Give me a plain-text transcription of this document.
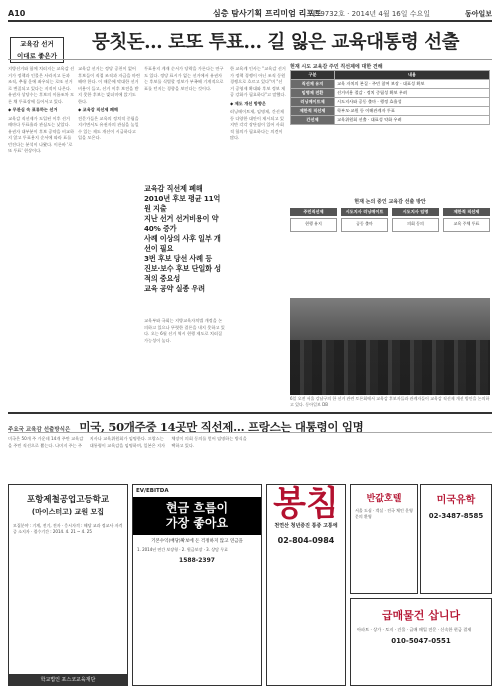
A10	심층 탐사기획 프리미엄 리포트
제19732호 · 2014년 4월 16일 수요일	동아일보
교육감 선거
이대로 좋은가
뭉칫돈… 로또 투표… 길 잃은 교육대통령 선출
지방선거와 함께 치러지는 교육감 선거가 정책과 인물은 사라지고 돈과 조직, 추첨 운에 좌우되는 로또 선거로 변질되고 있다는 지적이 나온다. 유권자 상당수는 후보의 이름조차 모른 채 투표장에 들어서고 있다.
◆ 무관심 속 표류하는 선거
교육감 직선제가 도입된 이후 선거 때마다 투표율과 관심도는 낮았다. 유권자 대부분이 후보 공약을 비교하지 않고 투표용지 순서에 따라 표를 던진다는 분석이 나왔다. 이른바 '로또 투표' 현상이다.
교육감 선거는 정당 공천이 없어 후보들이 직접 조직과 자금을 마련해야 한다. 이 때문에 막대한 선거 비용이 들고, 선거 이후 보전을 받지 못한 후보는 빚더미에 앉기도 한다.
◆ 교육감 직선제 폐해
전문가들은 교육의 정치적 중립을 지키면서도 유권자의 관심을 높일 수 있는 제도 개선이 시급하다고 입을 모은다.
투표용지 게재 순서가 당락을 가른다는 연구도 있다. 정당 표시가 없는 선거에서 유권자는 후보를 식별할 정보가 부족해 기계적으로 표를 던지는 경향을 보인다는 것이다.
교육감 직선제 폐해
2010년 후보 평균 11억원 지출
지난 선거 선거비용이 약 40% 증가
사례 이상의 사후 일부 개선이 필요
3번 후보 당선 사례 등
진보·보수 후보 단일화 성적의 중요성
교육 공약 실종 우려
교육부와 국회는 지방교육자치법 개정을 논의하고 있으나 뚜렷한 결론을 내지 못하고 있다. 오는 6월 선거 역시 현행 제도로 치러질 가능성이 높다.
한 교육계 인사는 "교육감 선거가 정책 경쟁이 아닌 조직 동원 경쟁으로 흐르고 있다"며 "선거 공영제 확대와 후보 정보 제공 강화가 필요하다"고 말했다.
◆ 제도 개선 방향은
러닝메이트제, 임명제, 간선제 등 다양한 대안이 제시되고 있지만 각각 장단점이 있어 사회적 합의가 필요하다는 의견이 많다.
현재 시도 교육감 주민 직선제에 대한 견해
구분	내용
직선제 유지	교육 자치의 본질 · 주민 참여 보장 · 대표성 확보
임명제 전환	선거비용 절감 · 정치 중립성 확보 우려
러닝메이트제	시도지사와 공동 출마 · 행정 효율성
제한적 직선제	학부모·교원 등 이해관계자 투표
간선제	교육위원회 선출 · 대표성 약화 우려
현재 논의 중인 교육감 선출 방안
주민직선제	시도지사 러닝메이트	시도지사 임명	제한적 직선제
현행 유지	공동 출마	의회 동의	교육 주체 투표
6일 오전 서울 강남구의 한 선거 관련 토론회에서 교육감 후보자들과 관계자들이 교육감 직선제 개선 방안을 논의하고 있다. 동아일보 DB
주요국 교육감 선출방식은 미국, 50개주중 14곳만 직선제… 프랑스는 대통령이 임명
미국은 50개 주 가운데 14개 주만 교육감을 주민 직선으로 뽑는다. 나머지 주는 주지사나 교육위원회가 임명한다. 프랑스는 대통령이 교육감을 임명하며, 일본은 지자체장이 의회 동의를 얻어 임명하는 방식을 택하고 있다.
포항제철공업고등학교
(마이스터고) 교원 모집
모집분야 : 기계, 전기, 전자 · 응시자격 : 해당 교과 정교사 자격증 소지자 · 접수기간 : 2014. 4. 21 ~ 4. 25
학교법인 포스코교육재단
EV/EBITDA
현금 흐름이
가장 좋아요
기본수익(배당)확보에 돈 걱정하지 않고 연금을
1. 2014년 연간 보장형 · 2. 원금보장 · 3. 상담 무료
1588-2397
봉침
천연산 청년증진 통증 고통에
02-804-0984
반값호텔
서울 도심 · 객실 · 전국 체인 운영 문의 환영
미국유학
02-3487-8585
급매물건 삽니다
아파트 · 상가 · 토지 · 건물 · 급매 매입 전문 · 신속한 현금 결제
010-5047-0551
